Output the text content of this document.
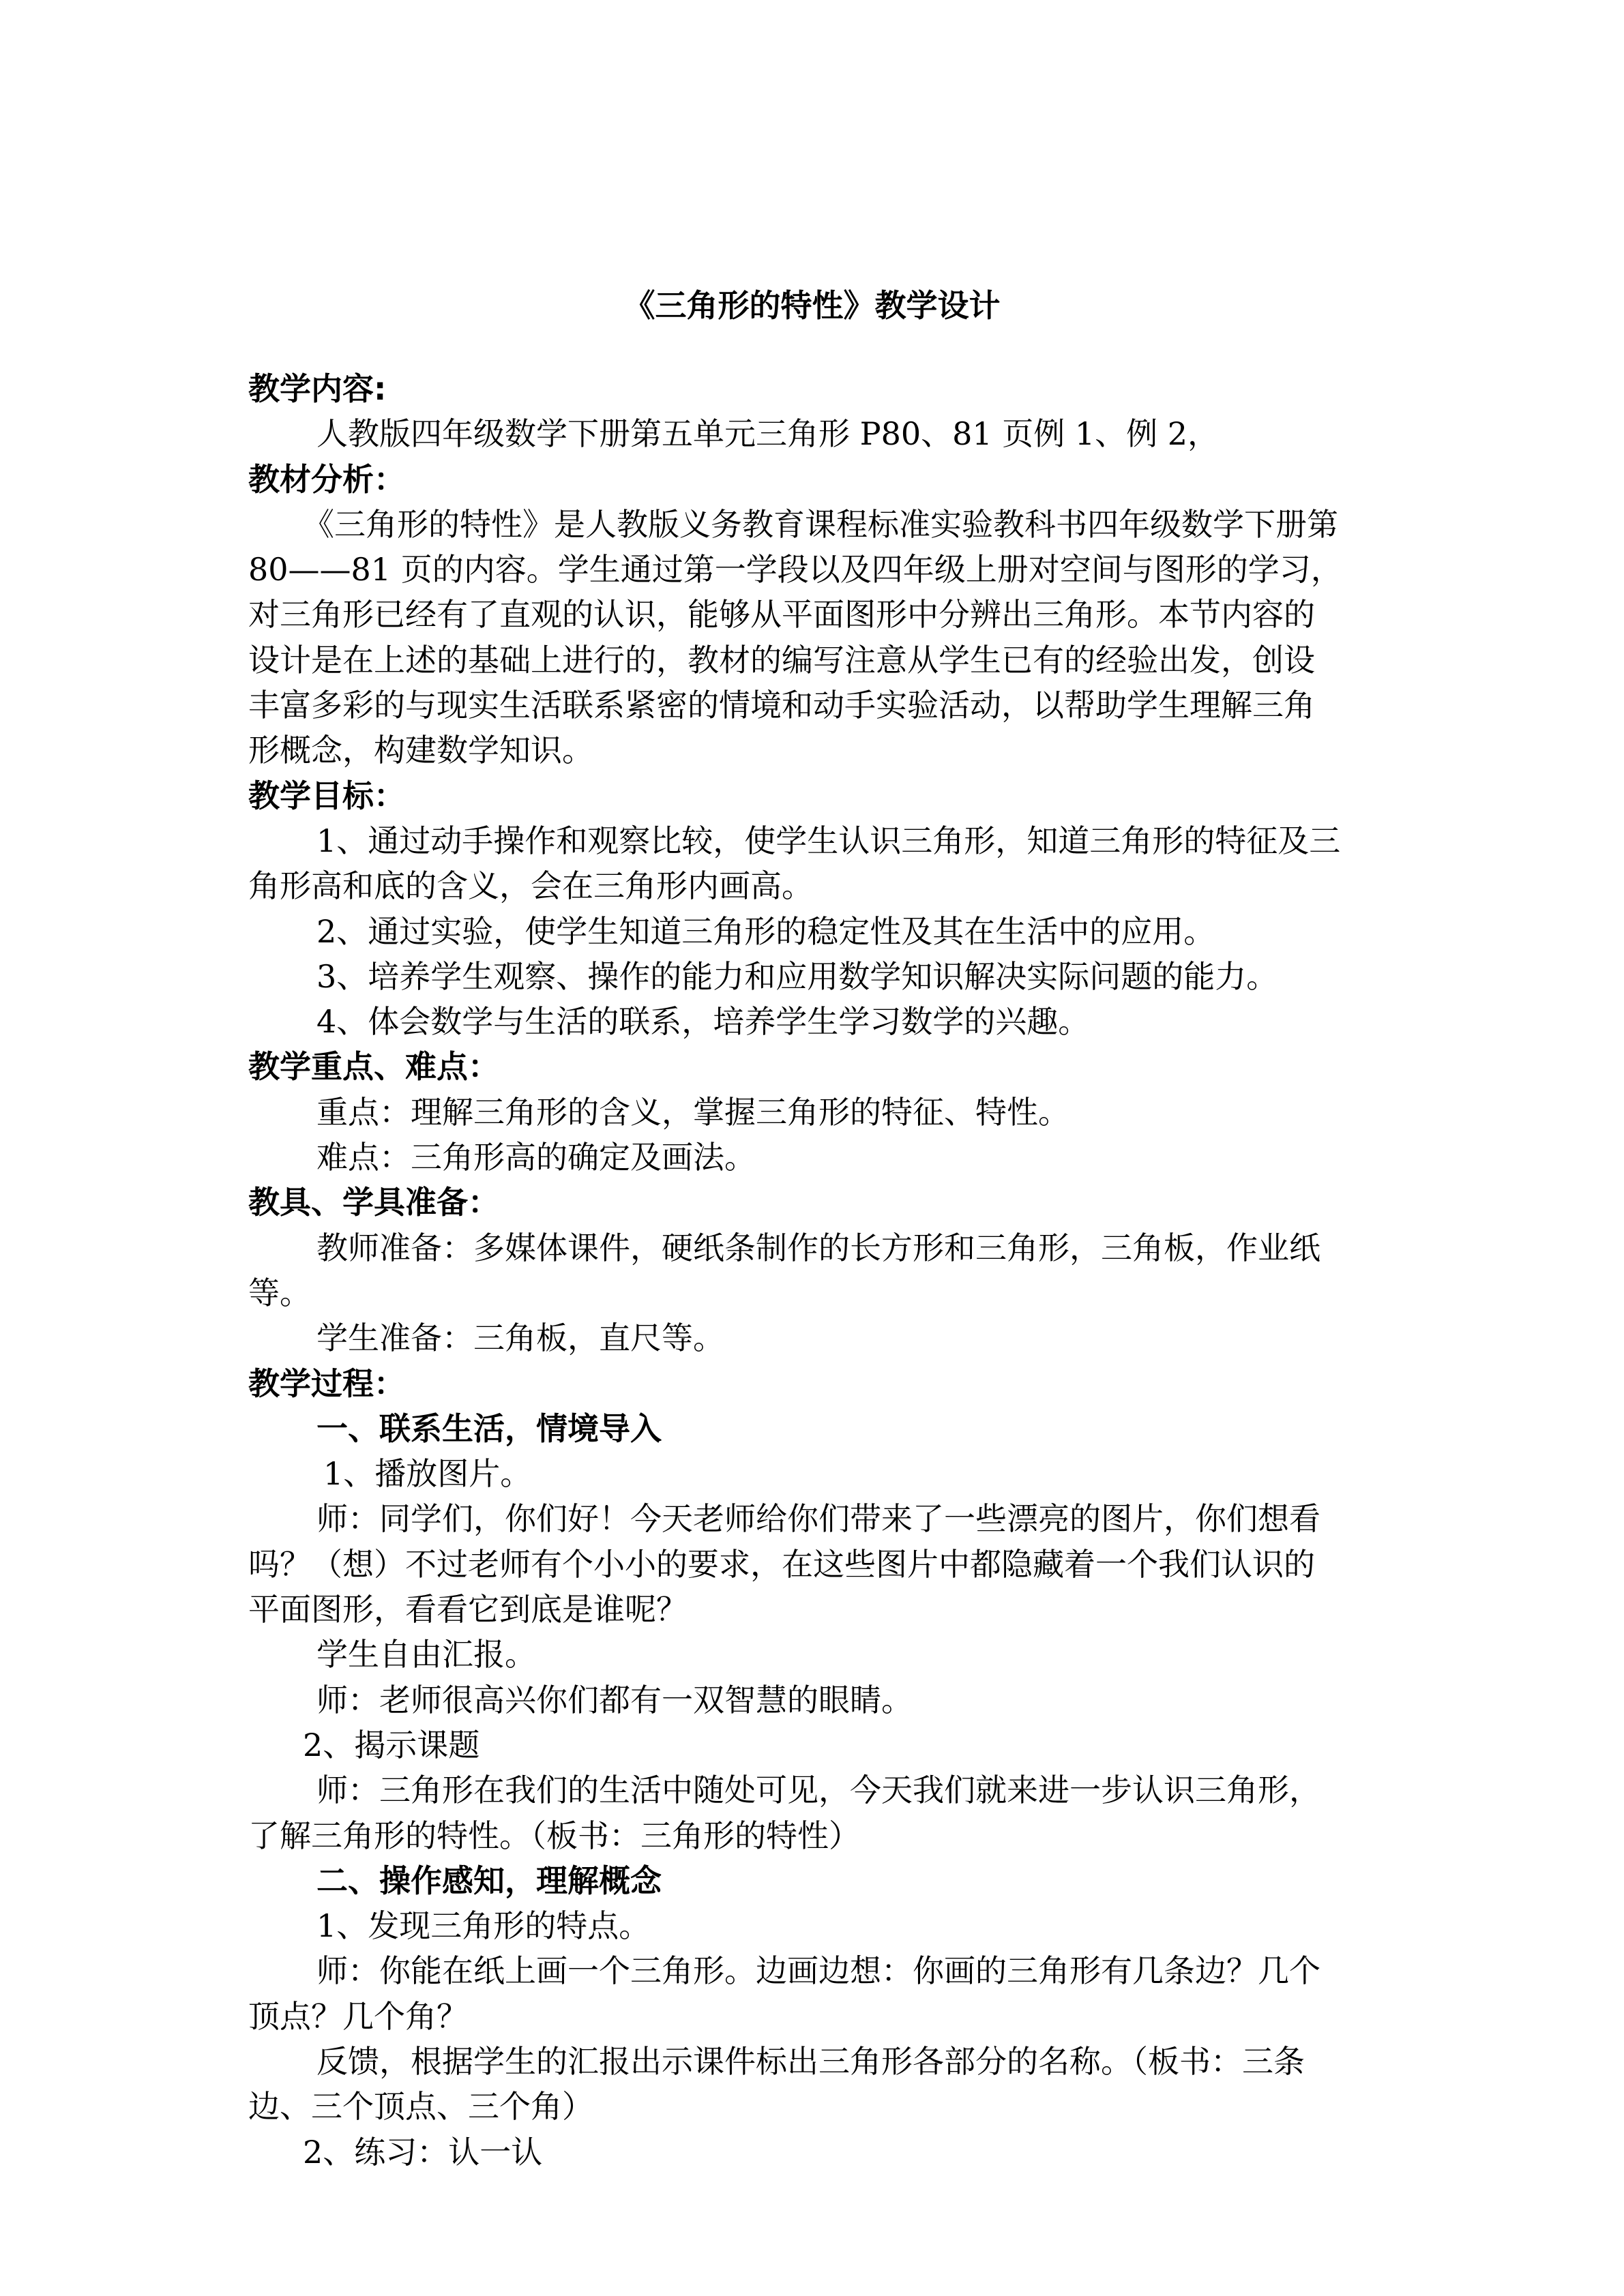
《三角形的特性》教学设计

教学内容:

人教版四年级数学下册第五单元三角形 P80、81 页例 1、例 2，

教材分析：

《三角形的特性》是人教版义务教育课程标准实验教科书四年级数学下册第

80——81 页的内容。学生通过第一学段以及四年级上册对空间与图形的学习，

对三角形已经有了直观的认识，能够从平面图形中分辨出三角形。本节内容的

设计是在上述的基础上进行的，教材的编写注意从学生已有的经验出发，创设

丰富多彩的与现实生活联系紧密的情境和动手实验活动，以帮助学生理解三角

形概念，构建数学知识。

教学目标：

1、通过动手操作和观察比较，使学生认识三角形，知道三角形的特征及三

角形高和底的含义，会在三角形内画高。

2、通过实验，使学生知道三角形的稳定性及其在生活中的应用。

3、培养学生观察、操作的能力和应用数学知识解决实际问题的能力。

4、体会数学与生活的联系，培养学生学习数学的兴趣。

教学重点、难点：

重点：理解三角形的含义，掌握三角形的特征、特性。

难点：三角形高的确定及画法。

教具、学具准备：

教师准备：多媒体课件，硬纸条制作的长方形和三角形，三角板，作业纸

等。

学生准备：三角板，直尺等。

教学过程：

一、联系生活，情境导入

1、播放图片。

师：同学们，你们好！今天老师给你们带来了一些漂亮的图片，你们想看

吗？（想）不过老师有个小小的要求，在这些图片中都隐藏着一个我们认识的

平面图形，看看它到底是谁呢？

学生自由汇报。

师：老师很高兴你们都有一双智慧的眼睛。

2、揭示课题

师：三角形在我们的生活中随处可见，今天我们就来进一步认识三角形，

了解三角形的特性。（板书：三角形的特性）

二、操作感知，理解概念

1、发现三角形的特点。

师：你能在纸上画一个三角形。边画边想：你画的三角形有几条边？几个

顶点？几个角？

反馈，根据学生的汇报出示课件标出三角形各部分的名称。（板书：三条

边、三个顶点、三个角）

2、练习：认一认
